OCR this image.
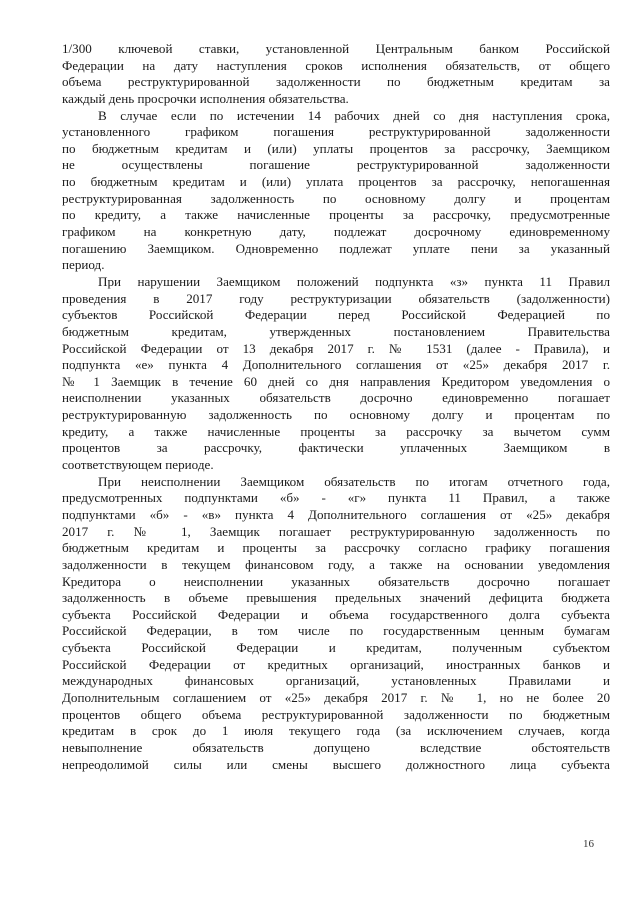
1/300 ключевой ставки, установленной Центральным банком Российской
Федерации на дату наступления сроков исполнения обязательств, от общего
объема реструктурированной задолженности по бюджетным кредитам за
каждый день просрочки исполнения обязательства.
В случае если по истечении 14 рабочих дней со дня наступления срока,
установленного графиком погашения реструктурированной задолженности
по бюджетным кредитам и (или) уплаты процентов за рассрочку, Заемщиком
не осуществлены погашение реструктурированной задолженности
по бюджетным кредитам и (или) уплата процентов за рассрочку, непогашенная
реструктурированная задолженность по основному долгу и процентам
по кредиту, а также начисленные проценты за рассрочку, предусмотренные
графиком на конкретную дату, подлежат досрочному единовременному
погашению Заемщиком. Одновременно подлежат уплате пени за указанный
период.
При нарушении Заемщиком положений подпункта «з» пункта 11 Правил
проведения в 2017 году реструктуризации обязательств (задолженности)
субъектов Российской Федерации перед Российской Федерацией по
бюджетным кредитам, утвержденных постановлением Правительства
Российской Федерации от 13 декабря 2017 г. № 1531 (далее - Правила), и
подпункта «е» пункта 4 Дополнительного соглашения от «25» декабря 2017 г.
№ 1 Заемщик в течение 60 дней со дня направления Кредитором уведомления о
неисполнении указанных обязательств досрочно единовременно погашает
реструктурированную задолженность по основному долгу и процентам по
кредиту, а также начисленные проценты за рассрочку за вычетом сумм
процентов за рассрочку, фактически уплаченных Заемщиком в
соответствующем периоде.
При неисполнении Заемщиком обязательств по итогам отчетного года,
предусмотренных подпунктами «б» - «г» пункта 11 Правил, а также
подпунктами «б» - «в» пункта 4 Дополнительного соглашения от «25» декабря
2017 г. № 1, Заемщик погашает реструктурированную задолженность по
бюджетным кредитам и проценты за рассрочку согласно графику погашения
задолженности в текущем финансовом году, а также на основании уведомления
Кредитора о неисполнении указанных обязательств досрочно погашает
задолженность в объеме превышения предельных значений дефицита бюджета
субъекта Российской Федерации и объема государственного долга субъекта
Российской Федерации, в том числе по государственным ценным бумагам
субъекта Российской Федерации и кредитам, полученным субъектом
Российской Федерации от кредитных организаций, иностранных банков и
международных финансовых организаций, установленных Правилами и
Дополнительным соглашением от «25» декабря 2017 г. № 1, но не более 20
процентов общего объема реструктурированной задолженности по бюджетным
кредитам в срок до 1 июля текущего года (за исключением случаев, когда
невыполнение обязательств допущено вследствие обстоятельств
непреодолимой силы или смены высшего должностного лица субъекта
16
